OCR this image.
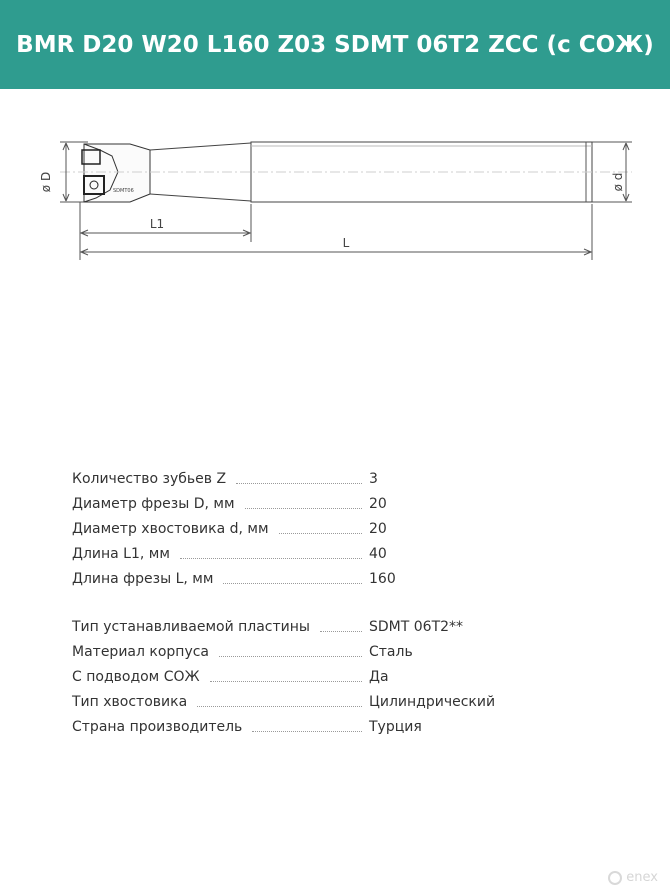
BMR D20 W20 L160 Z03 SDMT 06T2 ZCC (с СОЖ)
ø D	ø d
L1
L
SDMT06
Количество зубьев Z	3
Диаметр фрезы D, мм	20
Диаметр хвостовика d, мм	20
Длина L1, мм	40
Длина фрезы L, мм	160
Тип устанавливаемой пластины	SDMT 06T2**
Материал корпуса	Сталь
С подводом СОЖ	Да
Тип хвостовика	Цилиндрический
Страна производитель	Турция
enex
